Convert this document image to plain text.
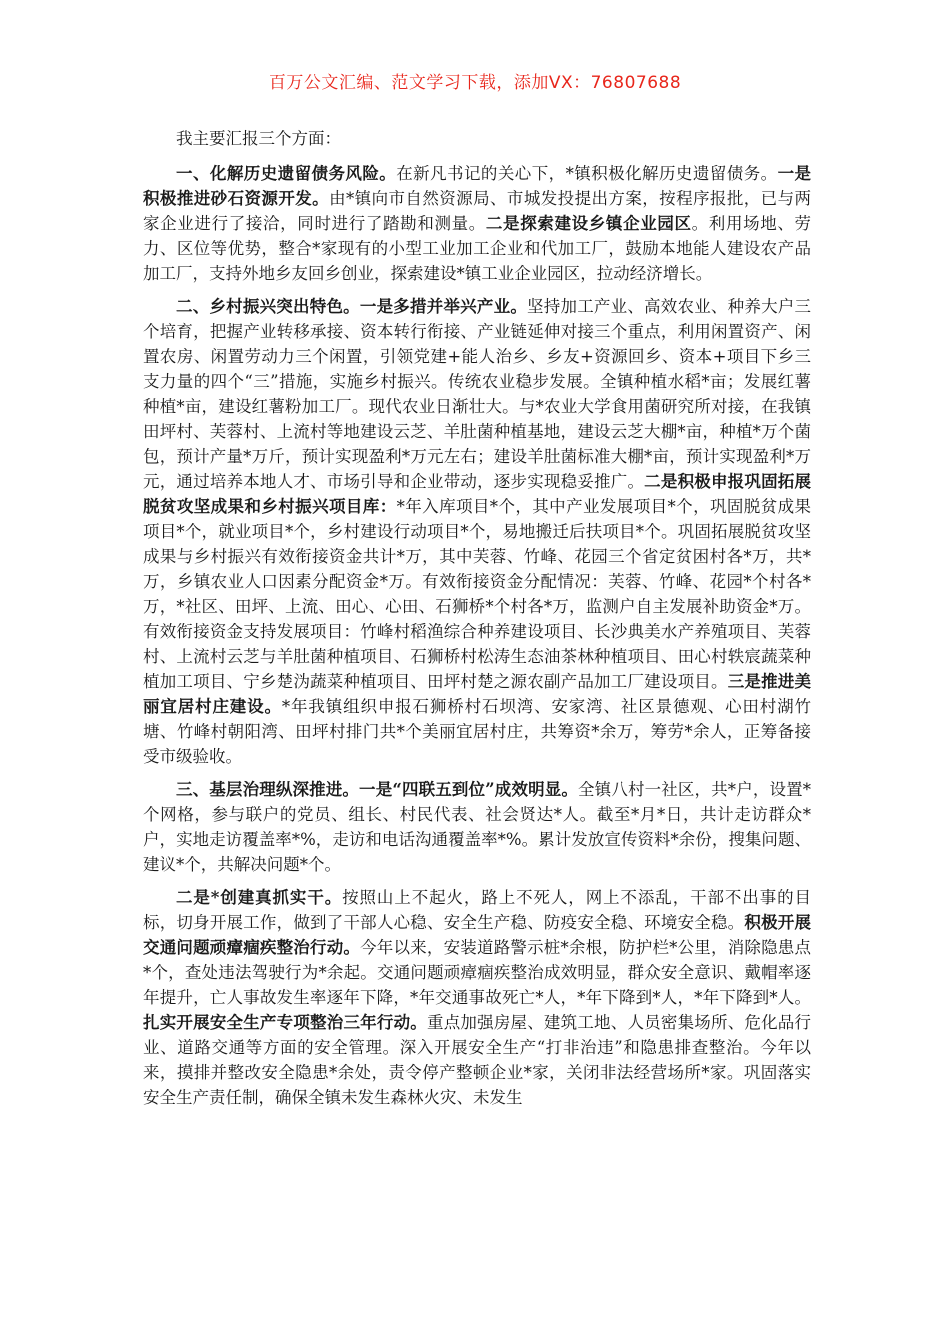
百万公文汇编、范文学习下载，添加VX：76807688

我主要汇报三个方面：

一、化解历史遗留债务风险。在新凡书记的关心下，*镇积极化解历史遗留债务。一是积极推进砂石资源开发。由*镇向市自然资源局、市城发投提出方案，按程序报批，已与两家企业进行了接洽，同时进行了踏勘和测量。二是探索建设乡镇企业园区。利用场地、劳力、区位等优势，整合*家现有的小型工业加工企业和代加工厂，鼓励本地能人建设农产品加工厂，支持外地乡友回乡创业，探索建设*镇工业企业园区，拉动经济增长。

二、乡村振兴突出特色。一是多措并举兴产业。坚持加工产业、高效农业、种养大户三个培育，把握产业转移承接、资本转行衔接、产业链延伸对接三个重点，利用闲置资产、闲置农房、闲置劳动力三个闲置，引领党建+能人治乡、乡友+资源回乡、资本+项目下乡三支力量的四个“三”措施，实施乡村振兴。传统农业稳步发展。全镇种植水稻*亩；发展红薯种植*亩，建设红薯粉加工厂。现代农业日渐壮大。与*农业大学食用菌研究所对接，在我镇田坪村、芙蓉村、上流村等地建设云芝、羊肚菌种植基地，建设云芝大棚*亩，种植*万个菌包，预计产量*万斤，预计实现盈利*万元左右；建设羊肚菌标准大棚*亩，预计实现盈利*万元，通过培养本地人才、市场引导和企业带动，逐步实现稳妥推广。二是积极申报巩固拓展脱贫攻坚成果和乡村振兴项目库：*年入库项目*个，其中产业发展项目*个，巩固脱贫成果项目*个，就业项目*个，乡村建设行动项目*个，易地搬迁后扶项目*个。巩固拓展脱贫攻坚成果与乡村振兴有效衔接资金共计*万，其中芙蓉、竹峰、花园三个省定贫困村各*万，共*万，乡镇农业人口因素分配资金*万。有效衔接资金分配情况：芙蓉、竹峰、花园*个村各*万，*社区、田坪、上流、田心、心田、石狮桥*个村各*万，监测户自主发展补助资金*万。有效衔接资金支持发展项目：竹峰村稻渔综合种养建设项目、长沙典美水产养殖项目、芙蓉村、上流村云芝与羊肚菌种植项目、石狮桥村松涛生态油茶林种植项目、田心村轶宸蔬菜种植加工项目、宁乡楚沩蔬菜种植项目、田坪村楚之源农副产品加工厂建设项目。三是推进美丽宜居村庄建设。*年我镇组织申报石狮桥村石坝湾、安家湾、社区景德观、心田村湖竹塘、竹峰村朝阳湾、田坪村排门共*个美丽宜居村庄，共筹资*余万，筹劳*余人，正筹备接受市级验收。

三、基层治理纵深推进。一是“四联五到位”成效明显。全镇八村一社区，共*户，设置*个网格，参与联户的党员、组长、村民代表、社会贤达*人。截至*月*日，共计走访群众*户，实地走访覆盖率*%，走访和电话沟通覆盖率*%。累计发放宣传资料*余份，搜集问题、建议*个，共解决问题*个。

二是*创建真抓实干。按照山上不起火，路上不死人，网上不添乱，干部不出事的目标，切身开展工作，做到了干部人心稳、安全生产稳、防疫安全稳、环境安全稳。积极开展交通问题顽瘴痼疾整治行动。今年以来，安装道路警示桩*余根，防护栏*公里，消除隐患点*个，查处违法驾驶行为*余起。交通问题顽瘴痼疾整治成效明显，群众安全意识、戴帽率逐年提升，亡人事故发生率逐年下降，*年交通事故死亡*人，*年下降到*人，*年下降到*人。扎实开展安全生产专项整治三年行动。重点加强房屋、建筑工地、人员密集场所、危化品行业、道路交通等方面的安全管理。深入开展安全生产“打非治违”和隐患排查整治。今年以来，摸排并整改安全隐患*余处，责令停产整顿企业*家，关闭非法经营场所*家。巩固落实安全生产责任制，确保全镇未发生森林火灾、未发生
